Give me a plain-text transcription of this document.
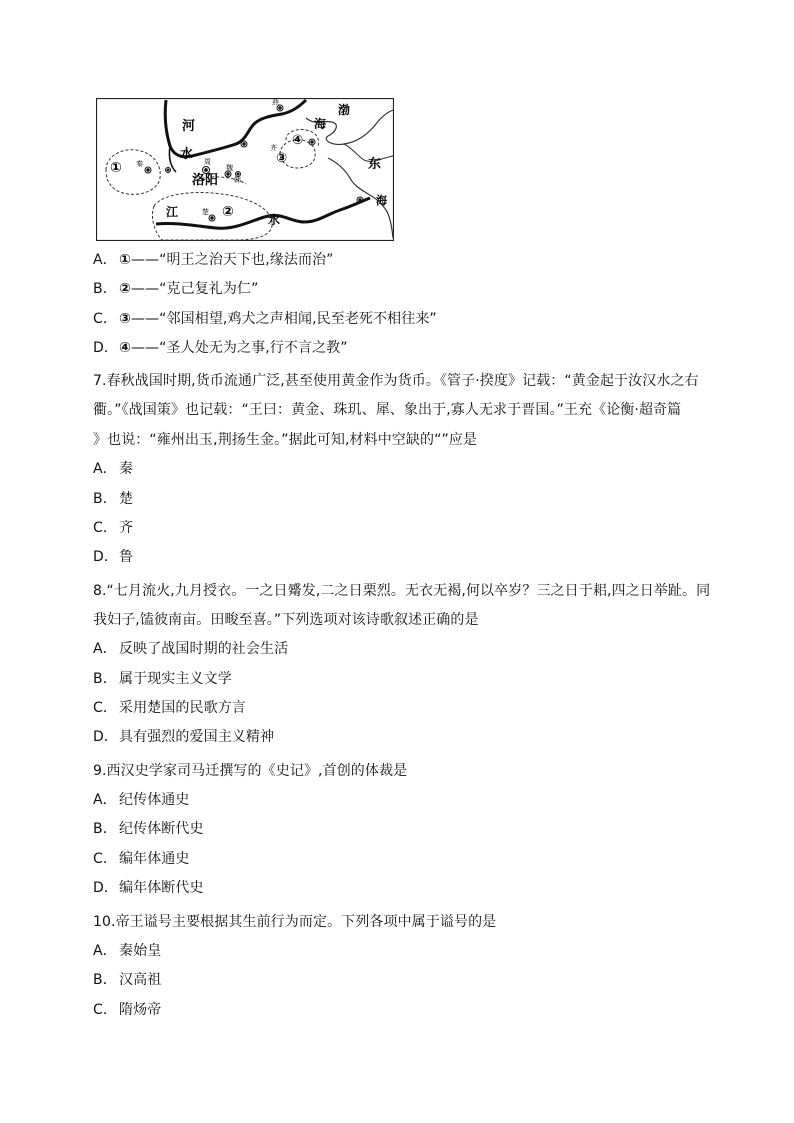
河
水
洛阳
江
水
渤
海
东
海
周
楚
魏
韩
秦
燕
齐
①
②
③
④
A． ①——“明王之治天下也,缘法而治”
B． ②——“克己复礼为仁”
C． ③——“邻国相望,鸡犬之声相闻,民至老死不相往来”
D．④——“圣人处无为之事,行不言之教”
7.春秋战国时期,货币流通广泛,甚至使用黄金作为货币。《管子·揆度》记载：“黄金起于汝汉水之右
衢。”《战国策》也记载：“王曰：黄金、珠玑、犀、象出于,寡人无求于晋国。”王充《论衡·超奇篇
》也说：“雍州出玉,荆扬生金。”据此可知,材料中空缺的“”应是
A． 秦
B． 楚
C． 齐
D．鲁
8.“七月流火,九月授衣。一之日觱发,二之日栗烈。无衣无褐,何以卒岁？三之日于耜,四之日举趾。同
我妇子,馌彼南亩。田畯至喜。”下列选项对该诗歌叙述正确的是
A． 反映了战国时期的社会生活
B． 属于现实主义文学
C． 采用楚国的民歌方言
D．具有强烈的爱国主义精神
9.西汉史学家司马迁撰写的《史记》,首创的体裁是
A． 纪传体通史
B． 纪传体断代史
C． 编年体通史
D．编年体断代史
10.帝王谥号主要根据其生前行为而定。下列各项中属于谥号的是
A． 秦始皇
B． 汉高祖
C． 隋炀帝
